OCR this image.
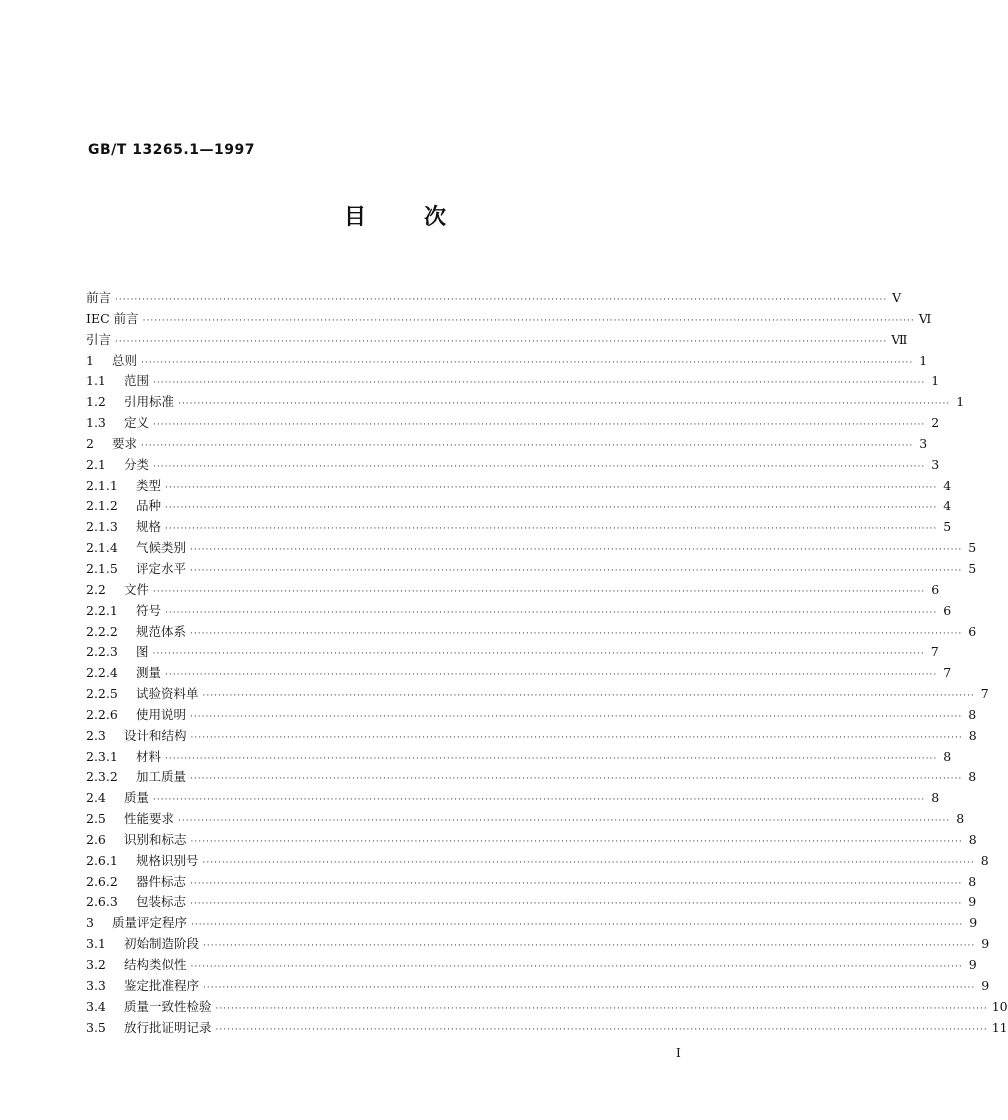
GB/T 13265.1—1997
目	次
前言 ········································································································································································································ V
IEC 前言 ········································································································································································································ Ⅵ
引言 ········································································································································································································ Ⅶ
1	总则 ········································································································································································································ 1
1.1	范围 ········································································································································································································ 1
1.2	引用标准 ········································································································································································································ 1
1.3	定义 ········································································································································································································ 2
2	要求 ········································································································································································································ 3
2.1	分类 ········································································································································································································ 3
2.1.1	类型 ········································································································································································································ 4
2.1.2	品种 ········································································································································································································ 4
2.1.3	规格 ········································································································································································································ 5
2.1.4	气候类别 ········································································································································································································ 5
2.1.5	评定水平 ········································································································································································································ 5
2.2	文件 ········································································································································································································ 6
2.2.1	符号 ········································································································································································································ 6
2.2.2	规范体系 ········································································································································································································ 6
2.2.3	图 ········································································································································································································ 7
2.2.4	测量 ········································································································································································································ 7
2.2.5	试验资料单 ········································································································································································································ 7
2.2.6	使用说明 ········································································································································································································ 8
2.3	设计和结构 ········································································································································································································ 8
2.3.1	材料 ········································································································································································································ 8
2.3.2	加工质量 ········································································································································································································ 8
2.4	质量 ········································································································································································································ 8
2.5	性能要求 ········································································································································································································ 8
2.6	识别和标志 ········································································································································································································ 8
2.6.1	规格识别号 ········································································································································································································ 8
2.6.2	器件标志 ········································································································································································································ 8
2.6.3	包装标志 ········································································································································································································ 9
3	质量评定程序 ········································································································································································································ 9
3.1	初始制造阶段 ········································································································································································································ 9
3.2	结构类似性 ········································································································································································································ 9
3.3	鉴定批准程序 ········································································································································································································ 9
3.4	质量一致性检验 ········································································································································································································ 10
3.5	放行批证明记录 ········································································································································································································ 11
I
